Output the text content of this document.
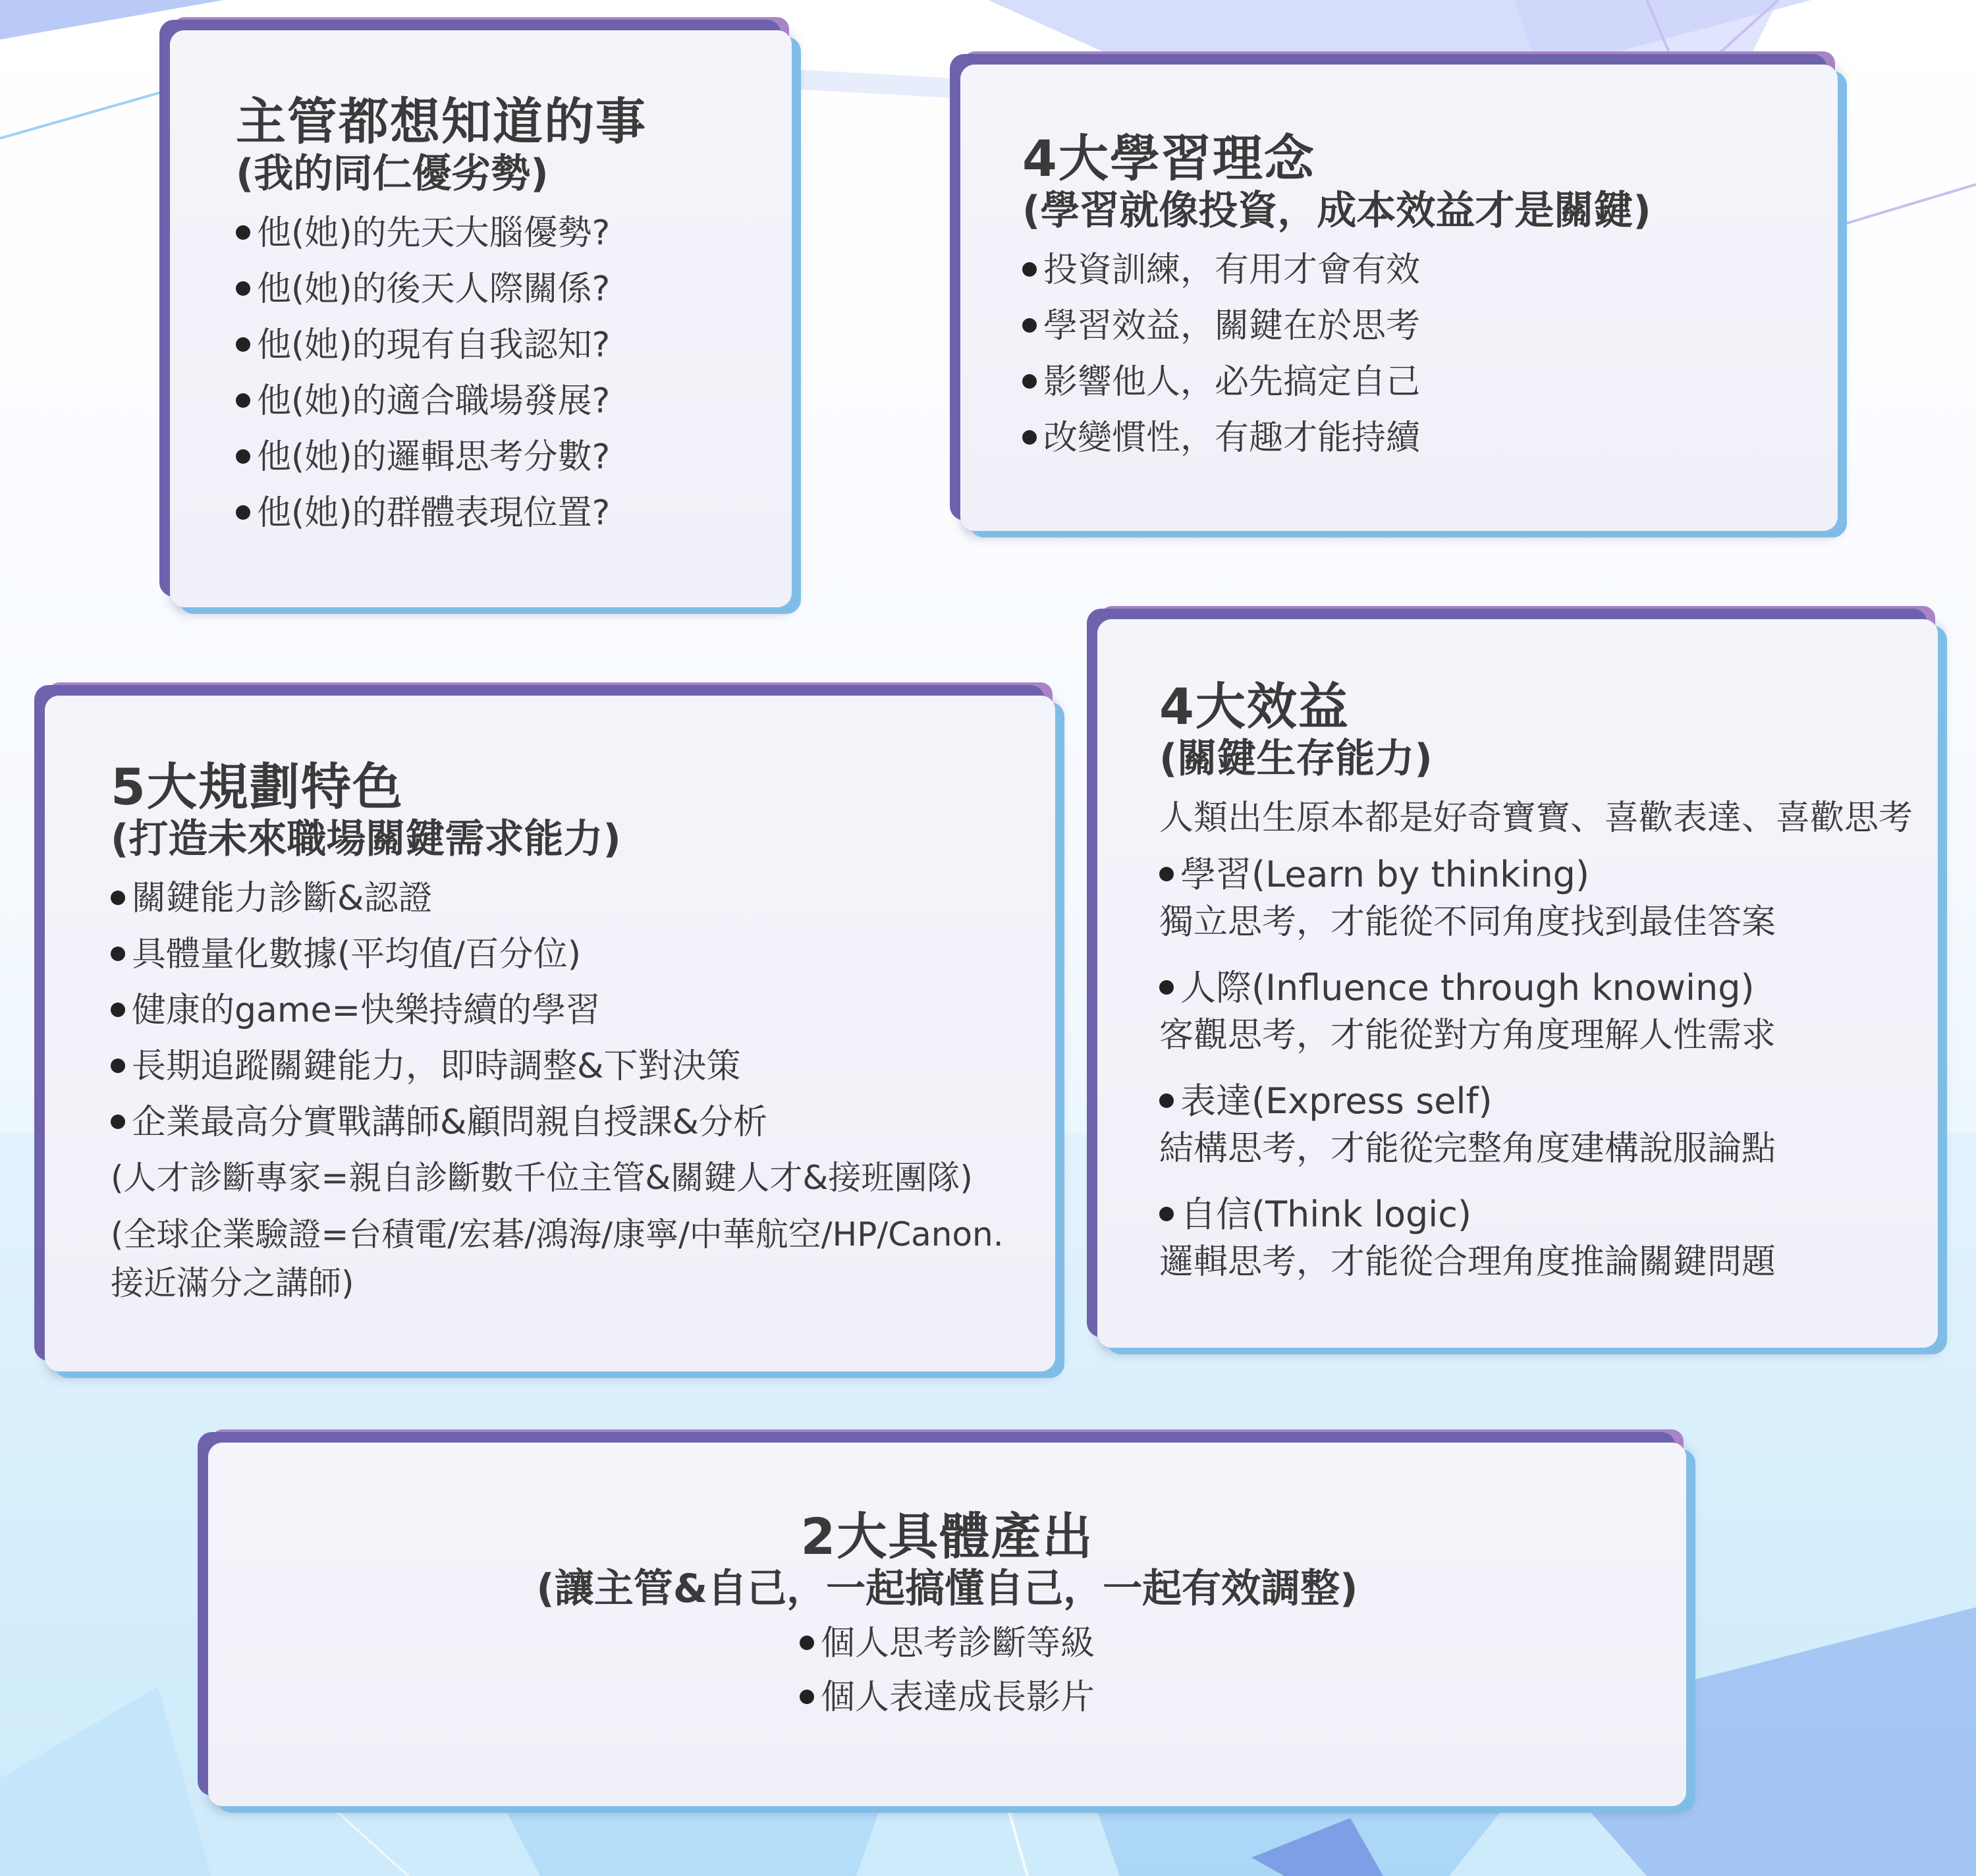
主管都想知道的事
(我的同仁優劣勢)
他(她)的先天大腦優勢?
他(她)的後天人際關係?
他(她)的現有自我認知?
他(她)的適合職場發展?
他(她)的邏輯思考分數?
他(她)的群體表現位置?
4大學習理念
(學習就像投資，成本效益才是關鍵)
投資訓練，有用才會有效
學習效益，關鍵在於思考
影響他人，必先搞定自己
改變慣性，有趣才能持續
5大規劃特色
(打造未來職場關鍵需求能力)
關鍵能力診斷&認證
具體量化數據(平均值/百分位)
健康的game=快樂持續的學習
長期追蹤關鍵能力，即時調整&下對決策
企業最高分實戰講師&顧問親自授課&分析
(人才診斷專家=親自診斷數千位主管&關鍵人才&接班團隊)
(全球企業驗證=台積電/宏碁/鴻海/康寧/中華航空/HP/Canon.
接近滿分之講師)
4大效益
(關鍵生存能力)
人類出生原本都是好奇寶寶、喜歡表達、喜歡思考
學習(Learn by thinking)
獨立思考，才能從不同角度找到最佳答案
人際(Influence through knowing)
客觀思考，才能從對方角度理解人性需求
表達(Express self)
結構思考，才能從完整角度建構說服論點
自信(Think logic)
邏輯思考，才能從合理角度推論關鍵問題
2大具體產出
(讓主管&自己，一起搞懂自己，一起有效調整)
個人思考診斷等級
個人表達成長影片
